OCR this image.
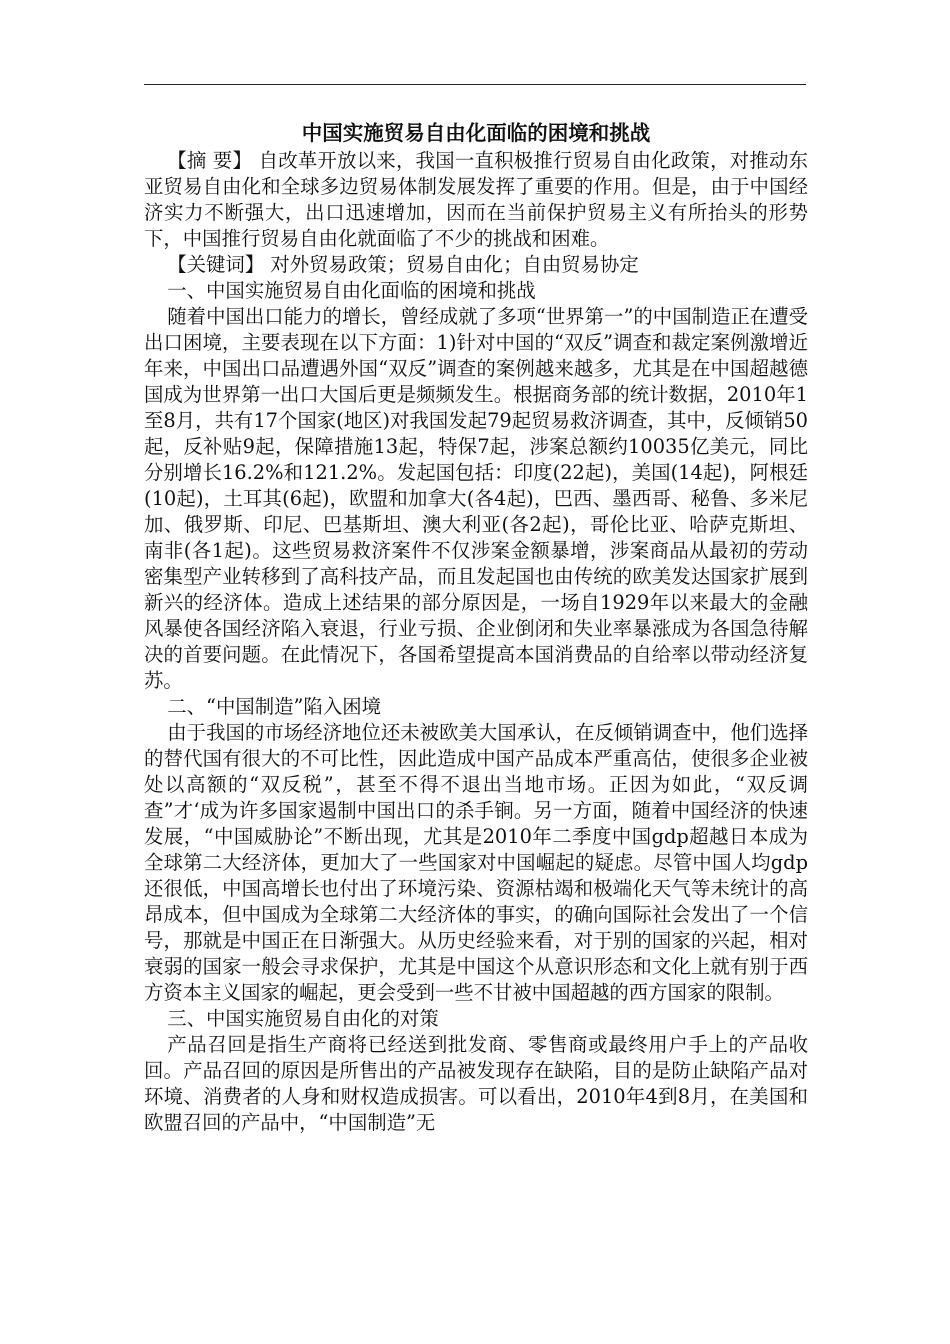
中国实施贸易自由化面临的困境和挑战

【摘 要】 自改革开放以来，我国一直积极推行贸易自由化政策，对推动东亚贸易自由化和全球多边贸易体制发展发挥了重要的作用。但是，由于中国经济实力不断强大，出口迅速增加，因而在当前保护贸易主义有所抬头的形势下，中国推行贸易自由化就面临了不少的挑战和困难。

【关键词】 对外贸易政策；贸易自由化；自由贸易协定

一、中国实施贸易自由化面临的困境和挑战

随着中国出口能力的增长，曾经成就了多项“世界第一”的中国制造正在遭受出口困境，主要表现在以下方面：1)针对中国的“双反”调查和裁定案例激增近年来，中国出口品遭遇外国“双反”调查的案例越来越多，尤其是在中国超越德国成为世界第一出口大国后更是频频发生。根据商务部的统计数据，2010年1至8月，共有17个国家(地区)对我国发起79起贸易救济调查，其中，反倾销50起，反补贴9起，保障措施13起，特保7起，涉案总额约10035亿美元，同比分别增长16.2%和121.2%。发起国包括：印度(22起)，美国(14起)，阿根廷(10起)，土耳其(6起)，欧盟和加拿大(各4起)，巴西、墨西哥、秘鲁、多米尼加、俄罗斯、印尼、巴基斯坦、澳大利亚(各2起)，哥伦比亚、哈萨克斯坦、南非(各1起)。这些贸易救济案件不仅涉案金额暴增，涉案商品从最初的劳动密集型产业转移到了高科技产品，而且发起国也由传统的欧美发达国家扩展到新兴的经济体。造成上述结果的部分原因是，一场自1929年以来最大的金融风暴使各国经济陷入衰退，行业亏损、企业倒闭和失业率暴涨成为各国急待解决的首要问题。在此情况下，各国希望提高本国消费品的自给率以带动经济复苏。

二、“中国制造”陷入困境

由于我国的市场经济地位还未被欧美大国承认，在反倾销调查中，他们选择的替代国有很大的不可比性，因此造成中国产品成本严重高估，使很多企业被处以高额的“双反税”，甚至不得不退出当地市场。正因为如此，“双反调查”才‘成为许多国家遏制中国出口的杀手锏。另一方面，随着中国经济的快速发展，“中国威胁论”不断出现，尤其是2010年二季度中国gdp超越日本成为全球第二大经济体，更加大了一些国家对中国崛起的疑虑。尽管中国人均gdp还很低，中国高增长也付出了环境污染、资源枯竭和极端化天气等未统计的高昂成本，但中国成为全球第二大经济体的事实，的确向国际社会发出了一个信号，那就是中国正在日渐强大。从历史经验来看，对于别的国家的兴起，相对衰弱的国家一般会寻求保护，尤其是中国这个从意识形态和文化上就有别于西方资本主义国家的崛起，更会受到一些不甘被中国超越的西方国家的限制。

三、中国实施贸易自由化的对策

产品召回是指生产商将已经送到批发商、零售商或最终用户手上的产品收回。产品召回的原因是所售出的产品被发现存在缺陷，目的是防止缺陷产品对环境、消费者的人身和财权造成损害。可以看出，2010年4到8月，在美国和欧盟召回的产品中，“中国制造”无
